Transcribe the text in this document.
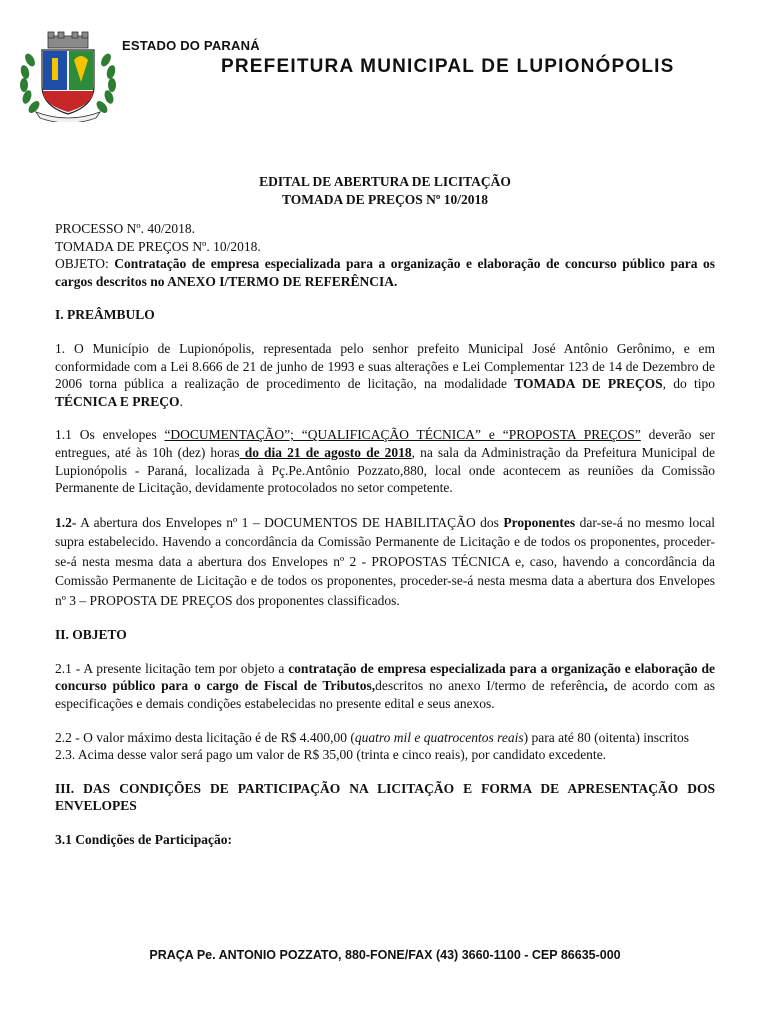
ESTADO DO PARANÁ
PREFEITURA MUNICIPAL DE LUPIONÓPOLIS
EDITAL DE ABERTURA DE LICITAÇÃO
TOMADA DE PREÇOS Nº 10/2018

PROCESSO Nº. 40/2018.

TOMADA DE PREÇOS Nº. 10/2018.

OBJETO: Contratação de empresa especializada para a organização e elaboração de concurso público para os cargos descritos no ANEXO I/TERMO DE REFERÊNCIA.

I. PREÂMBULO

1. O Município de Lupionópolis, representada pelo senhor prefeito Municipal José Antônio Gerônimo, e em conformidade com a Lei 8.666 de 21 de junho de 1993 e suas alterações e Lei Complementar 123 de 14 de Dezembro de 2006 torna pública a realização de procedimento de licitação, na modalidade TOMADA DE PREÇOS, do tipo TÉCNICA E PREÇO.

1.1 Os envelopes “DOCUMENTAÇÃO”; “QUALIFICAÇÃO TÉCNICA” e “PROPOSTA PREÇOS” deverão ser entregues, até às 10h (dez) horas do dia 21 de agosto de 2018, na sala da Administração da Prefeitura Municipal de Lupionópolis - Paraná, localizada à Pç.Pe.Antônio Pozzato,880, local onde acontecem as reuniões da Comissão Permanente de Licitação, devidamente protocolados no setor competente.

1.2- A abertura dos Envelopes nº 1 – DOCUMENTOS DE HABILITAÇÃO dos Proponentes dar-se-á no mesmo local supra estabelecido. Havendo a concordância da Comissão Permanente de Licitação e de todos os proponentes, proceder-se-á nesta mesma data a abertura dos Envelopes nº 2 - PROPOSTAS TÉCNICA e, caso, havendo a concordância da Comissão Permanente de Licitação e de todos os proponentes, proceder-se-á nesta mesma data a abertura dos Envelopes nº 3 – PROPOSTA DE PREÇOS dos proponentes classificados.

II. OBJETO

2.1 - A presente licitação tem por objeto a contratação de empresa especializada para a organização e elaboração de concurso público para o cargo de Fiscal de Tributos,descritos no anexo I/termo de referência, de acordo com as especificações e demais condições estabelecidas no presente edital e seus anexos.

2.2 - O valor máximo desta licitação é de R$ 4.400,00 (quatro mil e quatrocentos reais) para até 80 (oitenta) inscritos

2.3. Acima desse valor será pago um valor de R$ 35,00 (trinta e cinco reais), por candidato excedente.

III. DAS CONDIÇÕES DE PARTICIPAÇÃO NA LICITAÇÃO E FORMA DE APRESENTAÇÃO DOS ENVELOPES

3.1 Condições de Participação:

PRAÇA Pe. ANTONIO POZZATO, 880-FONE/FAX (43) 3660-1100 - CEP 86635-000
